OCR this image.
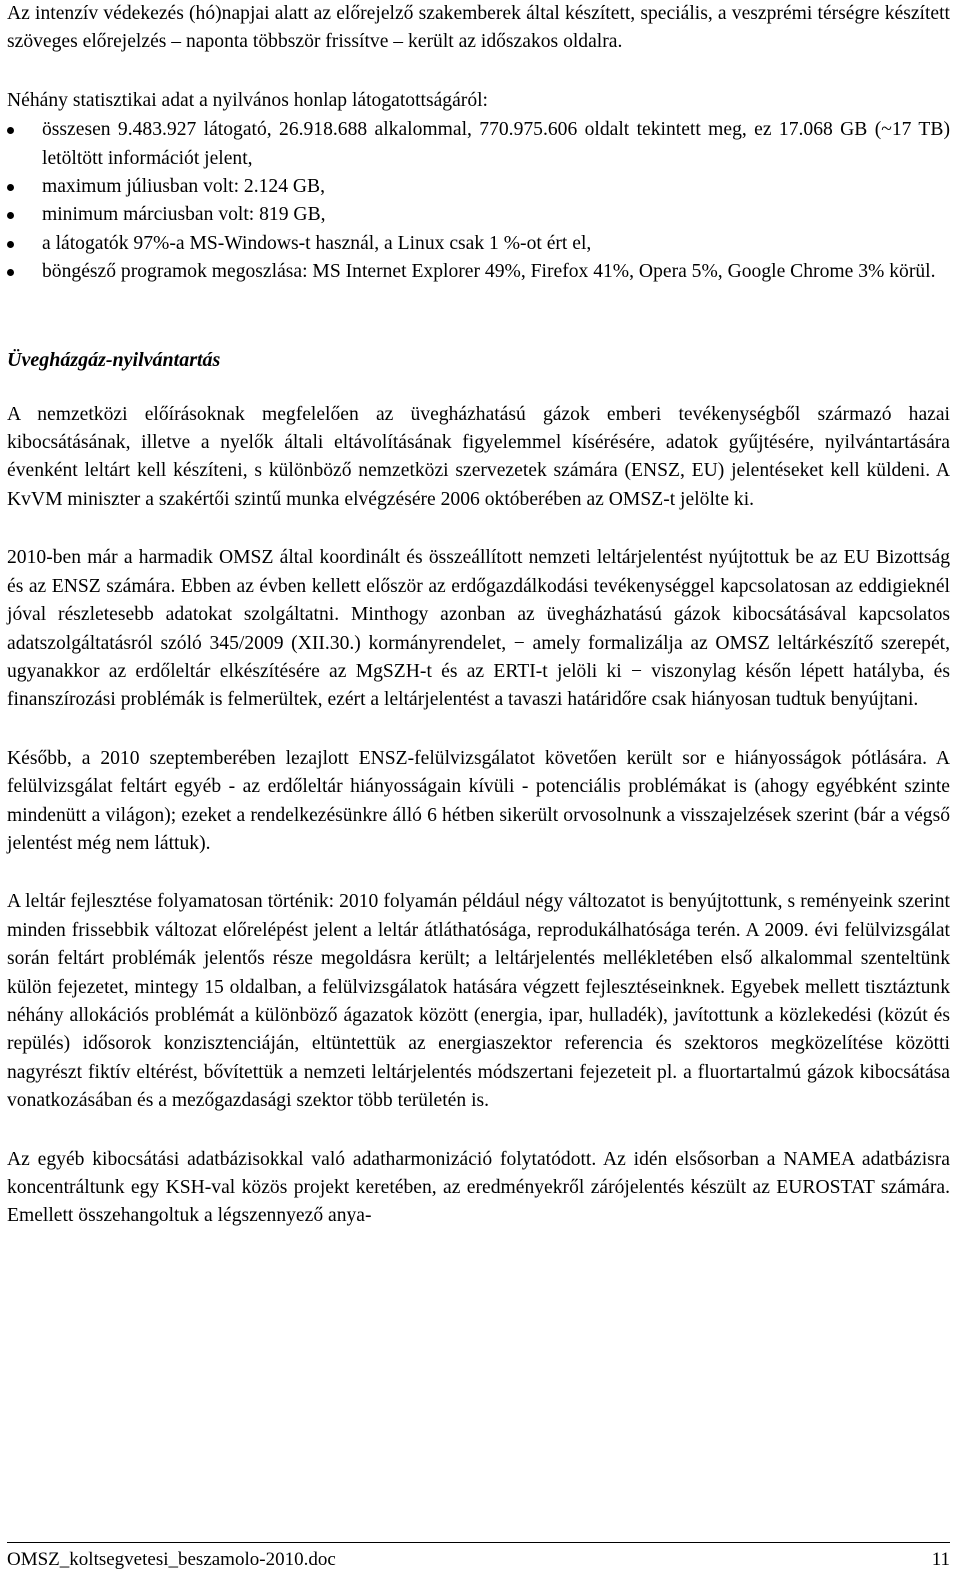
Az intenzív védekezés (hó)napjai alatt az előrejelző szakemberek által készített, speciális, a veszprémi térségre készített szöveges előrejelzés – naponta többször frissítve – került az időszakos oldalra.

Néhány statisztikai adat a nyilvános honlap látogatottságáról:

összesen 9.483.927 látogató, 26.918.688 alkalommal, 770.975.606 oldalt tekintett meg, ez 17.068 GB (~17 TB) letöltött információt jelent,
maximum júliusban volt: 2.124 GB,
minimum márciusban volt: 819 GB,
a látogatók 97%-a MS-Windows-t használ, a Linux csak 1 %-ot ért el,
böngésző programok megoszlása: MS Internet Explorer 49%, Firefox 41%, Opera 5%, Google Chrome 3% körül.
Üvegházgáz-nyilvántartás

A nemzetközi előírásoknak megfelelően az üvegházhatású gázok emberi tevékenységből származó hazai kibocsátásának, illetve a nyelők általi eltávolításának figyelemmel kísérésére, adatok gyűjtésére, nyilvántartására évenként leltárt kell készíteni, s különböző nemzetközi szervezetek számára (ENSZ, EU) jelentéseket kell küldeni. A KvVM miniszter a szakértői szintű munka elvégzésére 2006 októberében az OMSZ-t jelölte ki.

2010-ben már a harmadik OMSZ által koordinált és összeállított nemzeti leltárjelentést nyújtottuk be az EU Bizottság és az ENSZ számára. Ebben az évben kellett először az erdőgazdálkodási tevékenységgel kapcsolatosan az eddigieknél jóval részletesebb adatokat szolgáltatni. Minthogy azonban az üvegházhatású gázok kibocsátásával kapcsolatos adatszolgáltatásról szóló 345/2009 (XII.30.) kormányrendelet, − amely formalizálja az OMSZ leltárkészítő szerepét, ugyanakkor az erdőleltár elkészítésére az MgSZH-t és az ERTI-t jelöli ki − viszonylag későn lépett hatályba, és finanszírozási problémák is felmerültek, ezért a leltárjelentést a tavaszi határidőre csak hiányosan tudtuk benyújtani.

Később, a 2010 szeptemberében lezajlott ENSZ-felülvizsgálatot követően került sor e hiányosságok pótlására. A felülvizsgálat feltárt egyéb - az erdőleltár hiányosságain kívüli - potenciális problémákat is (ahogy egyébként szinte mindenütt a világon); ezeket a rendelkezésünkre álló 6 hétben sikerült orvosolnunk a visszajelzések szerint (bár a végső jelentést még nem láttuk).

A leltár fejlesztése folyamatosan történik: 2010 folyamán például négy változatot is benyújtottunk, s reményeink szerint minden frissebbik változat előrelépést jelent a leltár átláthatósága, reprodukálhatósága terén. A 2009. évi felülvizsgálat során feltárt problémák jelentős része megoldásra került; a leltárjelentés mellékletében első alkalommal szenteltünk külön fejezetet, mintegy 15 oldalban, a felülvizsgálatok hatására végzett fejlesztéseinknek. Egyebek mellett tisztáztunk néhány allokációs problémát a különböző ágazatok között (energia, ipar, hulladék), javítottunk a közlekedési (közút és repülés) idősorok konzisztenciáján, eltüntettük az energiaszektor referencia és szektoros megközelítése közötti nagyrészt fiktív eltérést, bővítettük a nemzeti leltárjelentés módszertani fejezeteit pl. a fluortartalmú gázok kibocsátása vonatkozásában és a mezőgazdasági szektor több területén is.

Az egyéb kibocsátási adatbázisokkal való adatharmonizáció folytatódott. Az idén elsősorban a NAMEA adatbázisra koncentráltunk egy KSH-val közös projekt keretében, az eredményekről zárójelentés készült az EUROSTAT számára. Emellett összehangoltuk a légszennyező anya-

OMSZ_koltsegvetesi_beszamolo-2010.doc	11
